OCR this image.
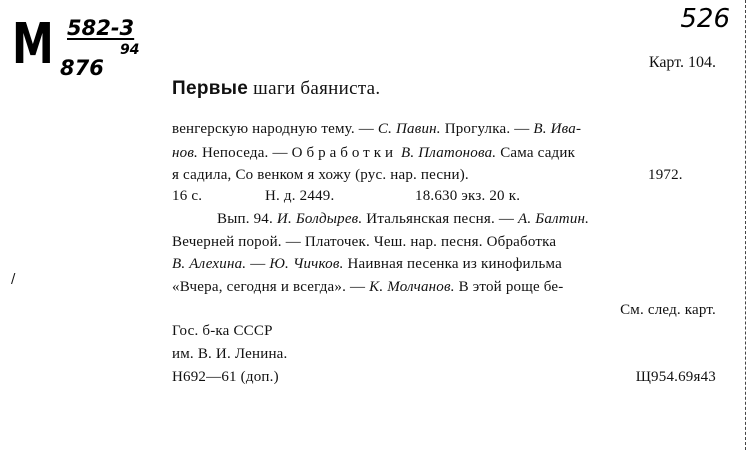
М 582-3
876
94
526
/
Карт. 104.
Первые шаги баяниста.
венгерскую народную тему. — С. Павин. Прогулка. — В. Ива-
нов. Непоседа. — Обработки В. Платонова. Сама садик
я садила, Со венком я хожу (рус. нар. песни).	1972.
16 с.	Н. д. 2449.	18.630 экз. 20 к.
Вып. 94. И. Болдырев. Итальянская песня. — А. Балтин.
Вечерней порой. — Платочек. Чеш. нар. песня. Обработка
В. Алехина. — Ю. Чичков. Наивная песенка из кинофильма
«Вчера, сегодня и всегда». — К. Молчанов. В этой роще бе-
См. след. карт.
Гос. б-ка СССР
им. В. И. Ленина.
Н692—61 (доп.)	Щ954.69я43
